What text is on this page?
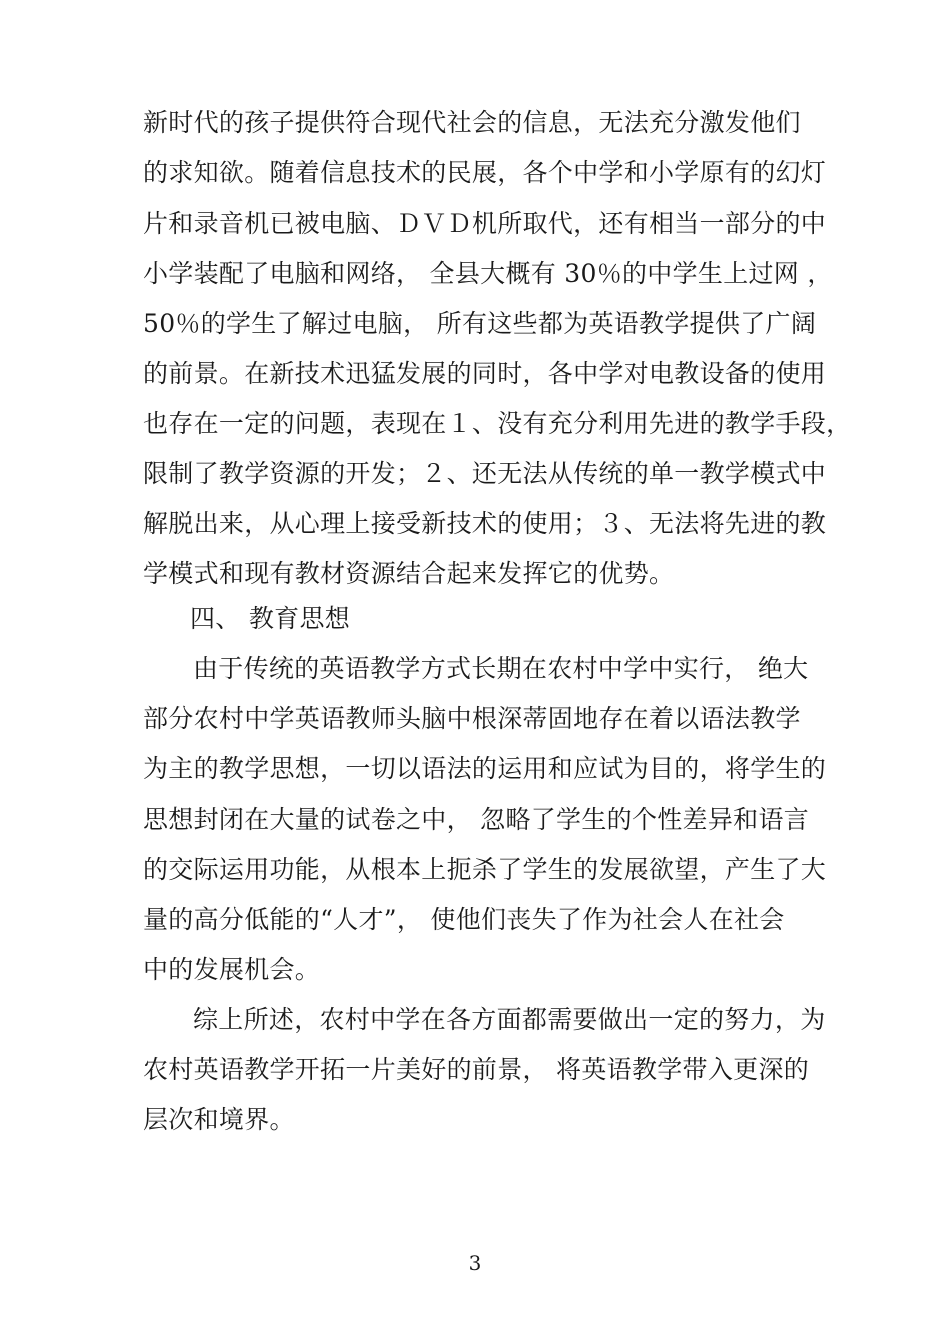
新时代的孩子提供符合现代社会的信息，无法充分激发他们
的求知欲。随着信息技术的民展，各个中学和小学原有的幻灯
片和录音机已被电脑、ＤＶＤ机所取代，还有相当一部分的中
小学装配了电脑和网络， 全县大概有 30％的中学生上过网 ，
50％的学生了解过电脑， 所有这些都为英语教学提供了广阔
的前景。在新技术迅猛发展的同时，各中学对电教设备的使用
也存在一定的问题，表现在１、没有充分利用先进的教学手段，
限制了教学资源的开发；２、还无法从传统的单一教学模式中
解脱出来，从心理上接受新技术的使用；３、无法将先进的教
学模式和现有教材资源结合起来发挥它的优势。
四、 教育思想
由于传统的英语教学方式长期在农村中学中实行， 绝大
部分农村中学英语教师头脑中根深蒂固地存在着以语法教学
为主的教学思想，一切以语法的运用和应试为目的，将学生的
思想封闭在大量的试卷之中， 忽略了学生的个性差异和语言
的交际运用功能，从根本上扼杀了学生的发展欲望，产生了大
量的高分低能的“人才”， 使他们丧失了作为社会人在社会
中的发展机会。
综上所述，农村中学在各方面都需要做出一定的努力，为
农村英语教学开拓一片美好的前景， 将英语教学带入更深的
层次和境界。
3
